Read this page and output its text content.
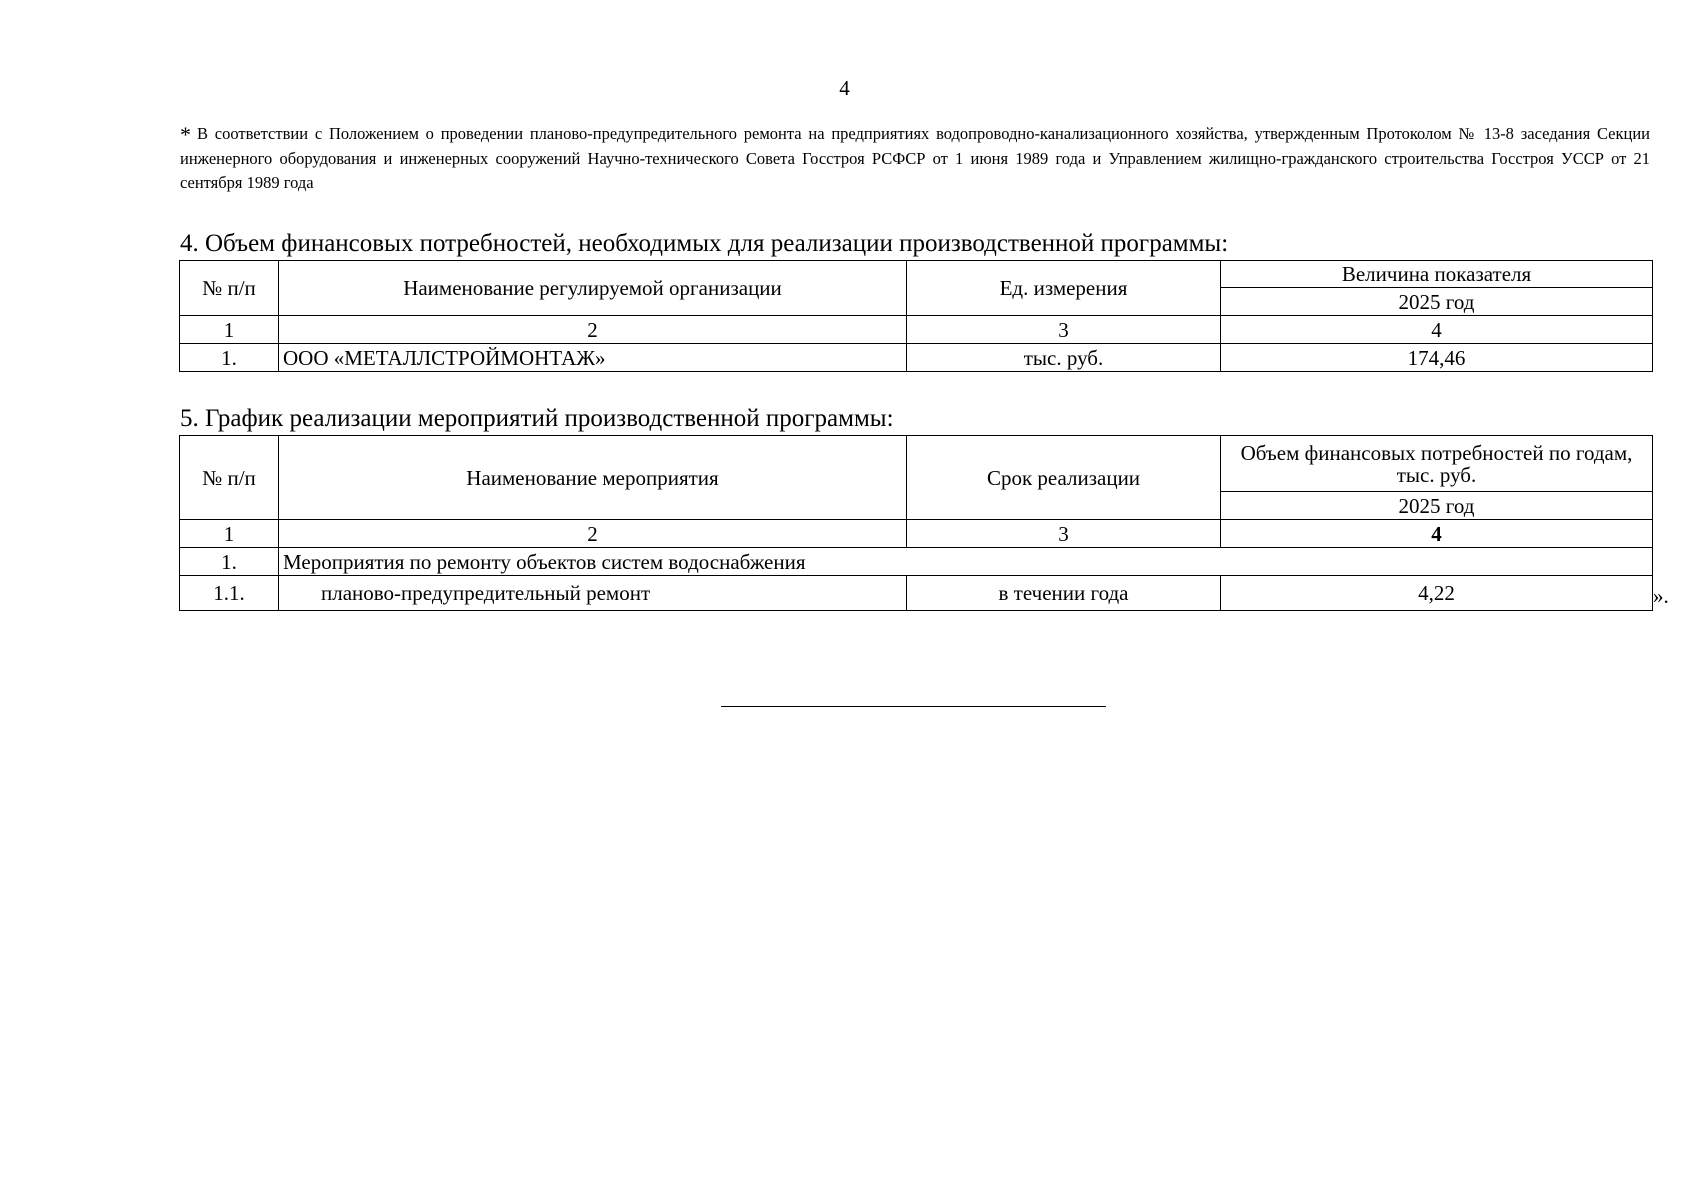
4
* В соответствии с Положением о проведении планово-предупредительного ремонта на предприятиях водопроводно-канализационного хозяйства, утвержденным Протоколом № 13-8 заседания Секции инженерного оборудования и инженерных сооружений Научно-технического Совета Госстроя РСФСР от 1 июня 1989 года и Управлением жилищно-гражданского строительства Госстроя УССР от 21 сентября 1989 года
4. Объем финансовых потребностей, необходимых для реализации производственной программы:
№ п/п	Наименование регулируемой организации	Ед. измерения	Величина показателя
			2025 год
1	2	3	4
1.	ООО «МЕТАЛЛСТРОЙМОНТАЖ»	тыс. руб.	174,46
5. График реализации мероприятий производственной программы:
№ п/п	Наименование мероприятия	Срок реализации	Объем финансовых потребностей по годам, тыс. руб.
			2025 год
1	2	3	4
1.	Мероприятия по ремонту объектов систем водоснабжения		
1.1.	планово-предупредительный ремонт	в течении года	4,22	».
